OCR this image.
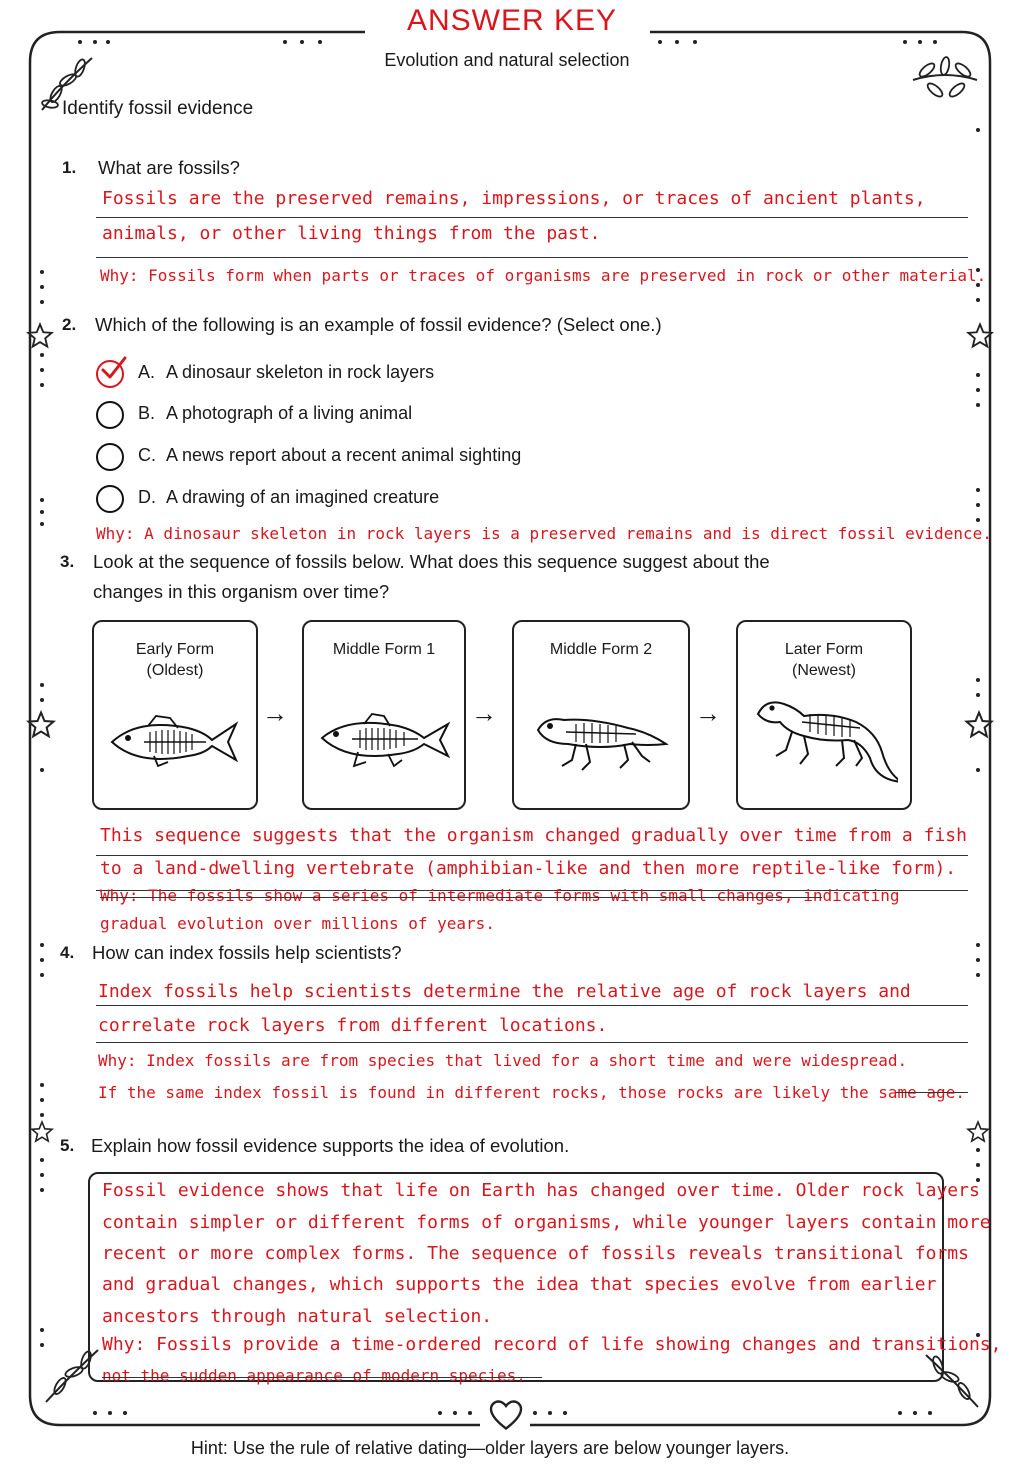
ANSWER KEY
Evolution and natural selection
Identify fossil evidence
1. What are fossils?
Fossils are the preserved remains, impressions, or traces of ancient plants,
animals, or other living things from the past.
Why: Fossils form when parts or traces of organisms are preserved in rock or other material.
2. Which of the following is an example of fossil evidence? (Select one.)
A. A dinosaur skeleton in rock layers
B. A photograph of a living animal
C. A news report about a recent animal sighting
D. A drawing of an imagined creature
Why: A dinosaur skeleton in rock layers is a preserved remains and is direct fossil evidence.
3. Look at the sequence of fossils below. What does this sequence suggest about the
changes in this organism over time?
Early Form
(Oldest)
→
Middle Form 1
→
Middle Form 2
→
Later Form
(Newest)
This sequence suggests that the organism changed gradually over time from a fish
to a land-dwelling vertebrate (amphibian-like and then more reptile-like form).
Why: The fossils show a series of intermediate forms with small changes, indicating
gradual evolution over millions of years.
4. How can index fossils help scientists?
Index fossils help scientists determine the relative age of rock layers and
correlate rock layers from different locations.
Why: Index fossils are from species that lived for a short time and were widespread.
If the same index fossil is found in different rocks, those rocks are likely the same age.
5. Explain how fossil evidence supports the idea of evolution.
Fossil evidence shows that life on Earth has changed over time. Older rock layers
contain simpler or different forms of organisms, while younger layers contain more
recent or more complex forms. The sequence of fossils reveals transitional forms
and gradual changes, which supports the idea that species evolve from earlier
ancestors through natural selection.
Why: Fossils provide a time-ordered record of life showing changes and transitions,
not the sudden appearance of modern species.
Hint: Use the rule of relative dating—older layers are below younger layers.
